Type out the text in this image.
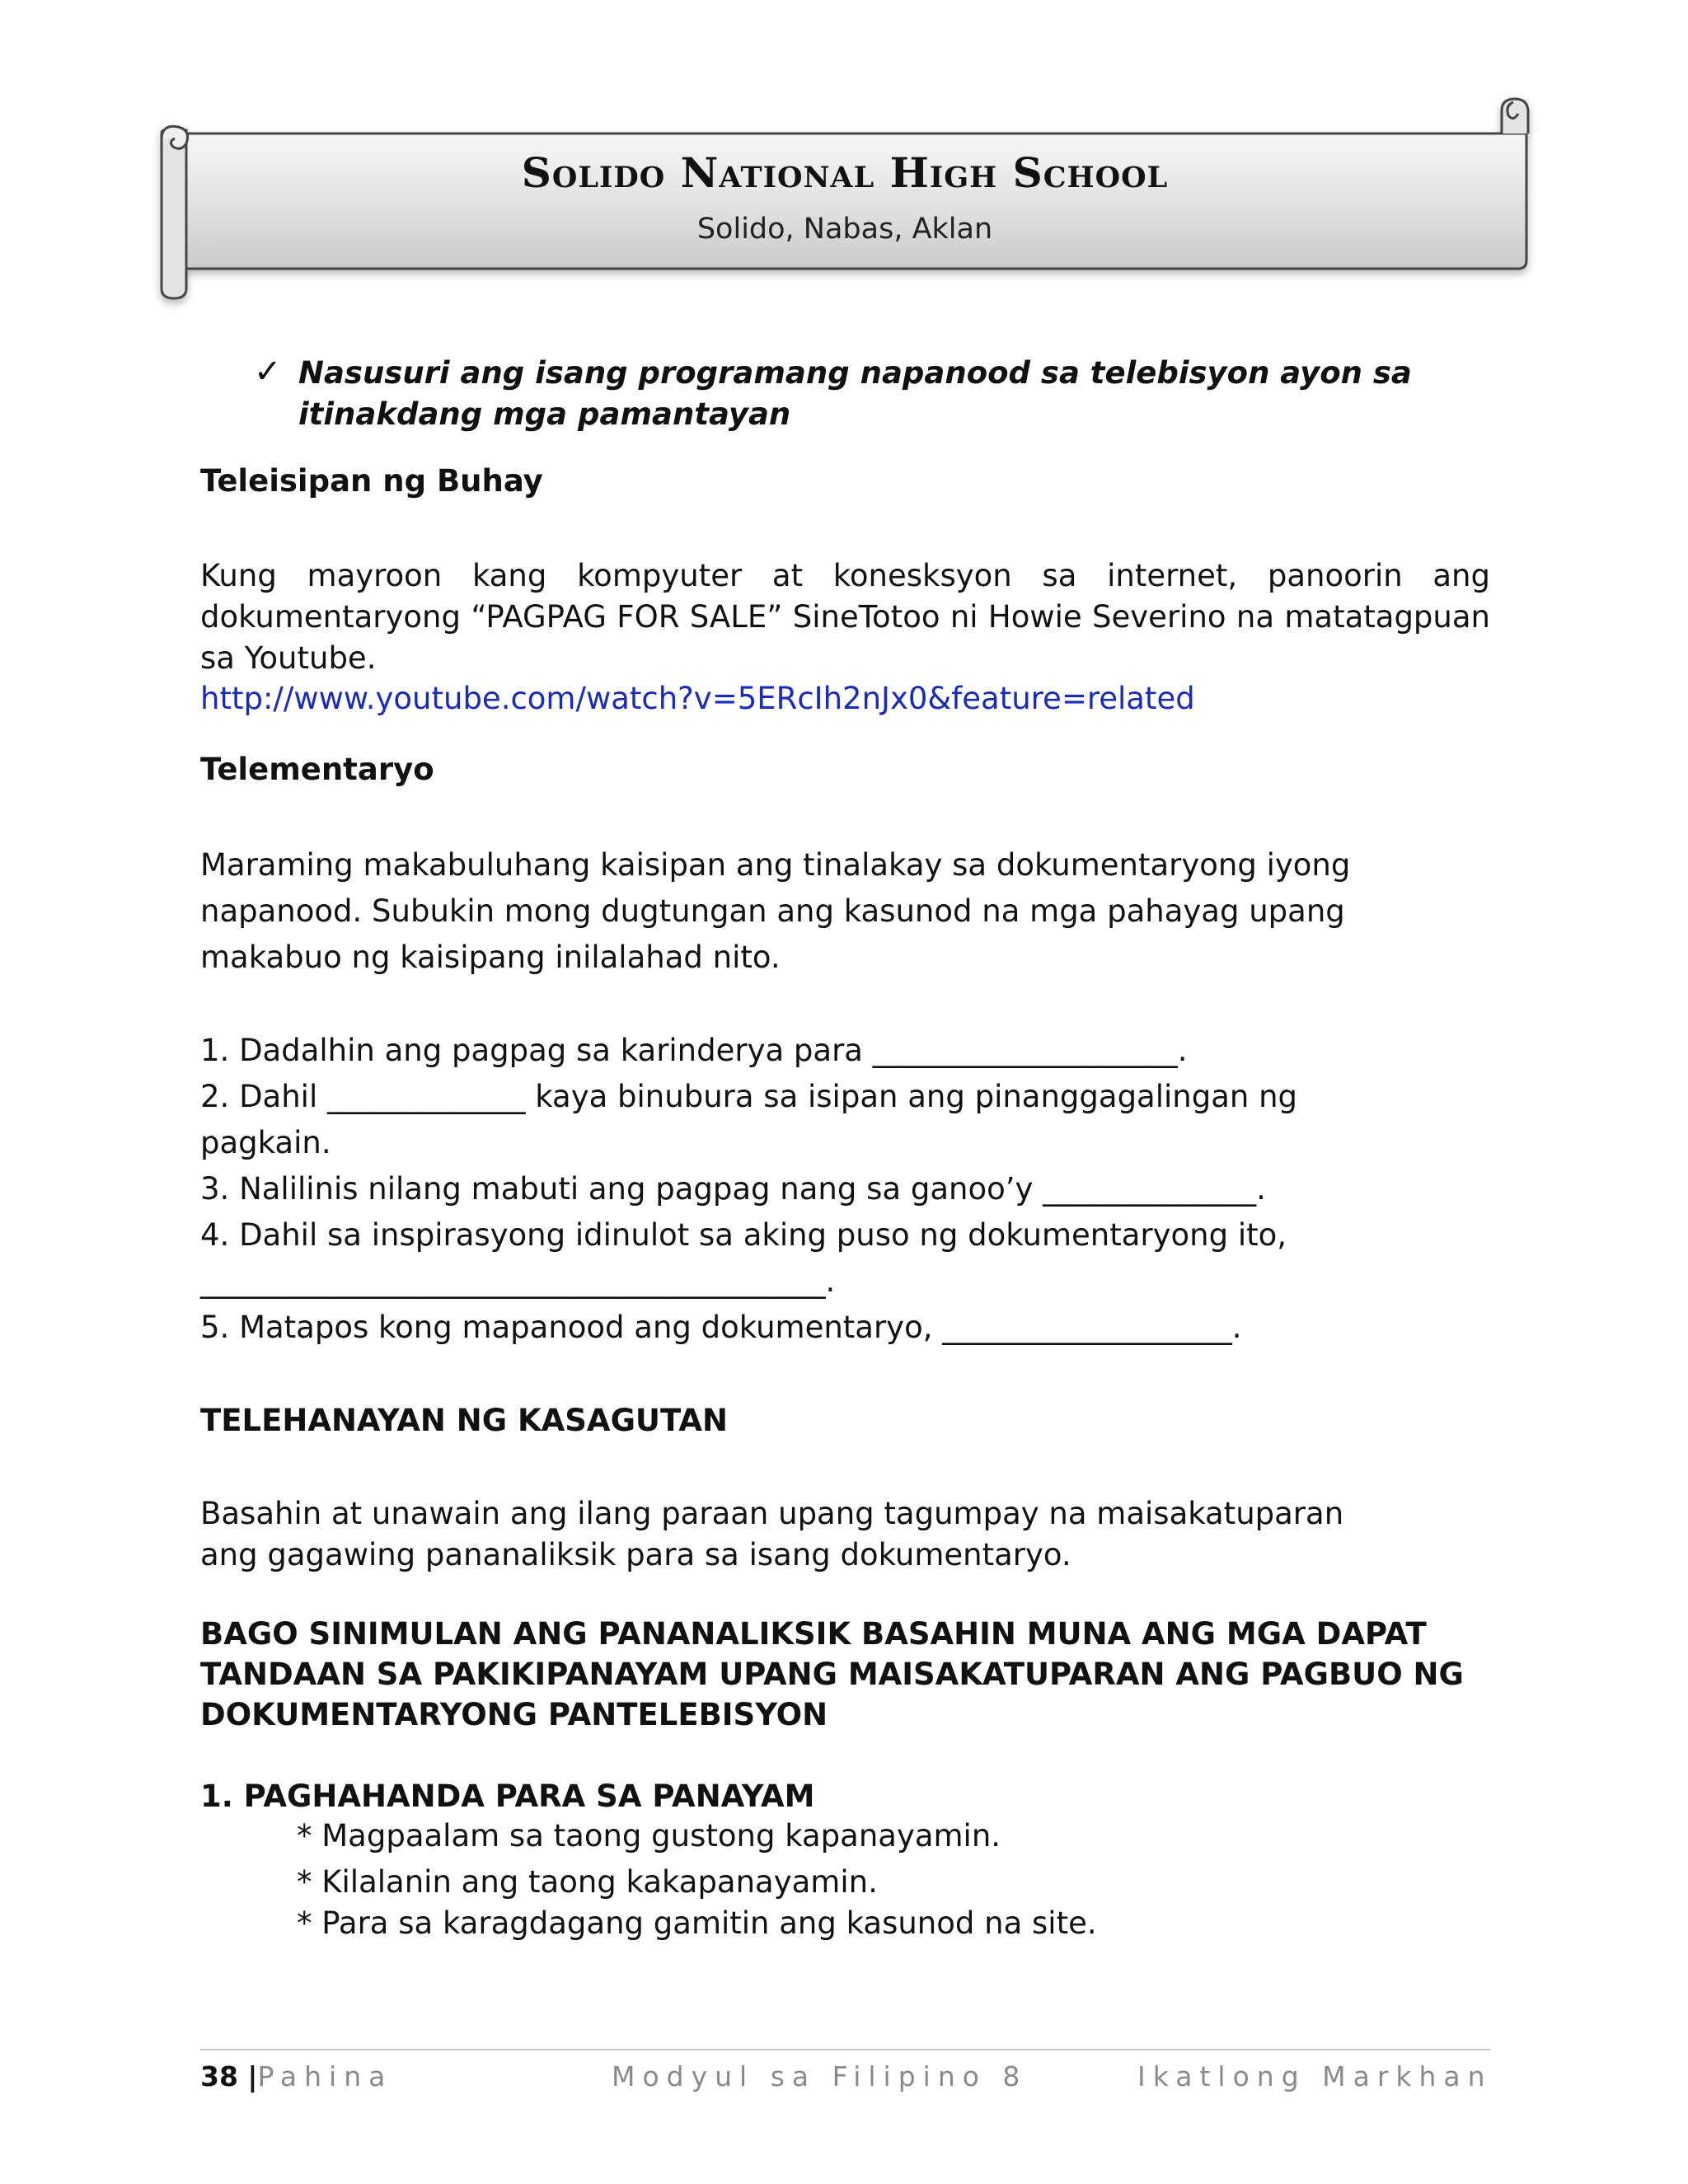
Solido National High School
Solido, Nabas, Aklan
✓ Nasusuri ang isang programang napanood sa telebisyon ayon sa
itinakdang mga pamantayan
Teleisipan ng Buhay
Kung mayroon kang kompyuter at konesksyon sa internet, panoorin ang dokumentaryong “PAGPAG FOR SALE” SineTotoo ni Howie Severino na matatagpuan sa Youtube.
http://www.youtube.com/watch?v=5ERcIh2nJx0&feature=related
Telementaryo
Maraming makabuluhang kaisipan ang tinalakay sa dokumentaryong iyong
napanood. Subukin mong dugtungan ang kasunod na mga pahayag upang
makabuo ng kaisipang inilalahad nito.
1. Dadalhin ang pagpag sa karinderya para ____________________.
2. Dahil _____________ kaya binubura sa isipan ang pinanggagalingan ng
pagkain.
3. Nalilinis nilang mabuti ang pagpag nang sa ganoo’y ______________.
4. Dahil sa inspirasyong idinulot sa aking puso ng dokumentaryong ito,
_________________________________________.
5. Matapos kong mapanood ang dokumentaryo, ___________________.
TELEHANAYAN NG KASAGUTAN
Basahin at unawain ang ilang paraan upang tagumpay na maisakatuparan
ang gagawing pananaliksik para sa isang dokumentaryo.
BAGO SINIMULAN ANG PANANALIKSIK BASAHIN MUNA ANG MGA DAPAT
TANDAAN SA PAKIKIPANAYAM UPANG MAISAKATUPARAN ANG PAGBUO NG
DOKUMENTARYONG PANTELEBISYON
1. PAGHAHANDA PARA SA PANAYAM
* Magpaalam sa taong gustong kapanayamin.
* Kilalanin ang taong kakapanayamin.
* Para sa karagdagang gamitin ang kasunod na site.
38 |Pahina	Modyul sa Filipino 8	Ikatlong Markhan
